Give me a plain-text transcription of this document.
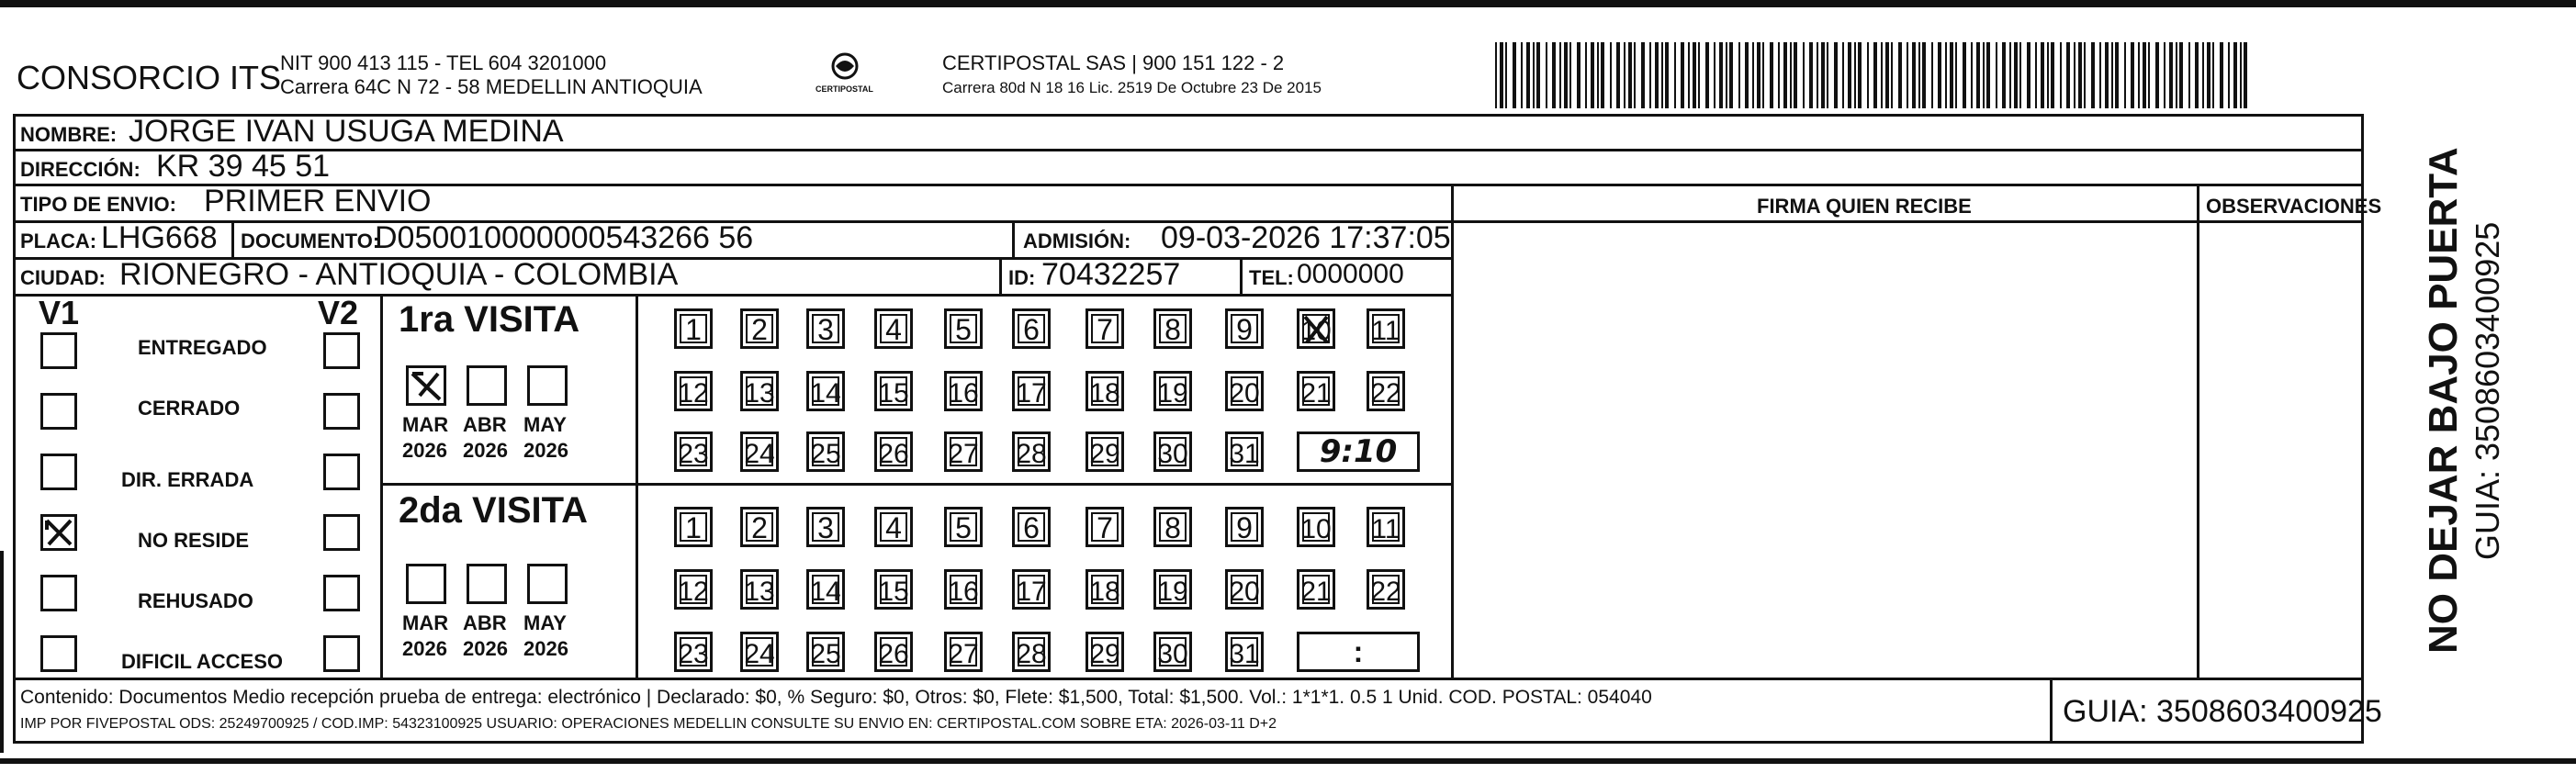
CONSORCIO ITS
NIT 900 413 115 - TEL 604 3201000
Carrera 64C N 72 - 58 MEDELLIN ANTIOQUIA	CERTIPOSTAL
CERTIPOSTAL SAS | 900 151 122 - 2
Carrera 80d N 18 16 Lic. 2519 De Octubre 23 De 2015
NOMBRE: JORGE IVAN USUGA MEDINA
DIRECCIÓN: KR 39 45 51
TIPO DE ENVIO: PRIMER ENVIO	FIRMA QUIEN RECIBE	OBSERVACIONES
PLACA: LHG668 DOCUMENTO:
D050010000000543266 56	ADMISIÓN: 09-03-2026 17:37:05
CIUDAD: RIONEGRO - ANTIOQUIA - COLOMBIA	ID: 70432257	TEL: 0000000
V1	V2
ENTREGADO
CERRADO
DIR. ERRADA
NO RESIDE
REHUSADO
DIFICIL ACCESO
1ra VISITA
2da VISITA
MAR
2026
ABR
2026
MAY
2026
MAR
2026
ABR
2026
MAY
2026
1	2	3	4	5	6	7	8	9	10 11
12 13 14 15 16 17 18 19 20 21 22
23 24 25 26 27 28 29 30 31	9:10
1	2	3	4	5	6	7	8	9	10 11
12 13 14 15 16 17 18 19 20 21 22
23 24 25 26 27 28 29 30 31	:
Contenido: Documentos Medio recepción prueba de entrega: electrónico | Declarado: $0, % Seguro: $0, Otros: $0, Flete: $1,500, Total: $1,500. Vol.: 1*1*1. 0.5 1 Unid. COD. POSTAL: 054040
IMP POR FIVEPOSTAL ODS: 25249700925 / COD.IMP: 54323100925 USUARIO: OPERACIONES MEDELLIN CONSULTE SU ENVIO EN: CERTIPOSTAL.COM SOBRE ETA: 2026-03-11 D+2	GUIA: 3508603400925
NO DEJAR BAJO PUERTA GUIA: 3508603400925
